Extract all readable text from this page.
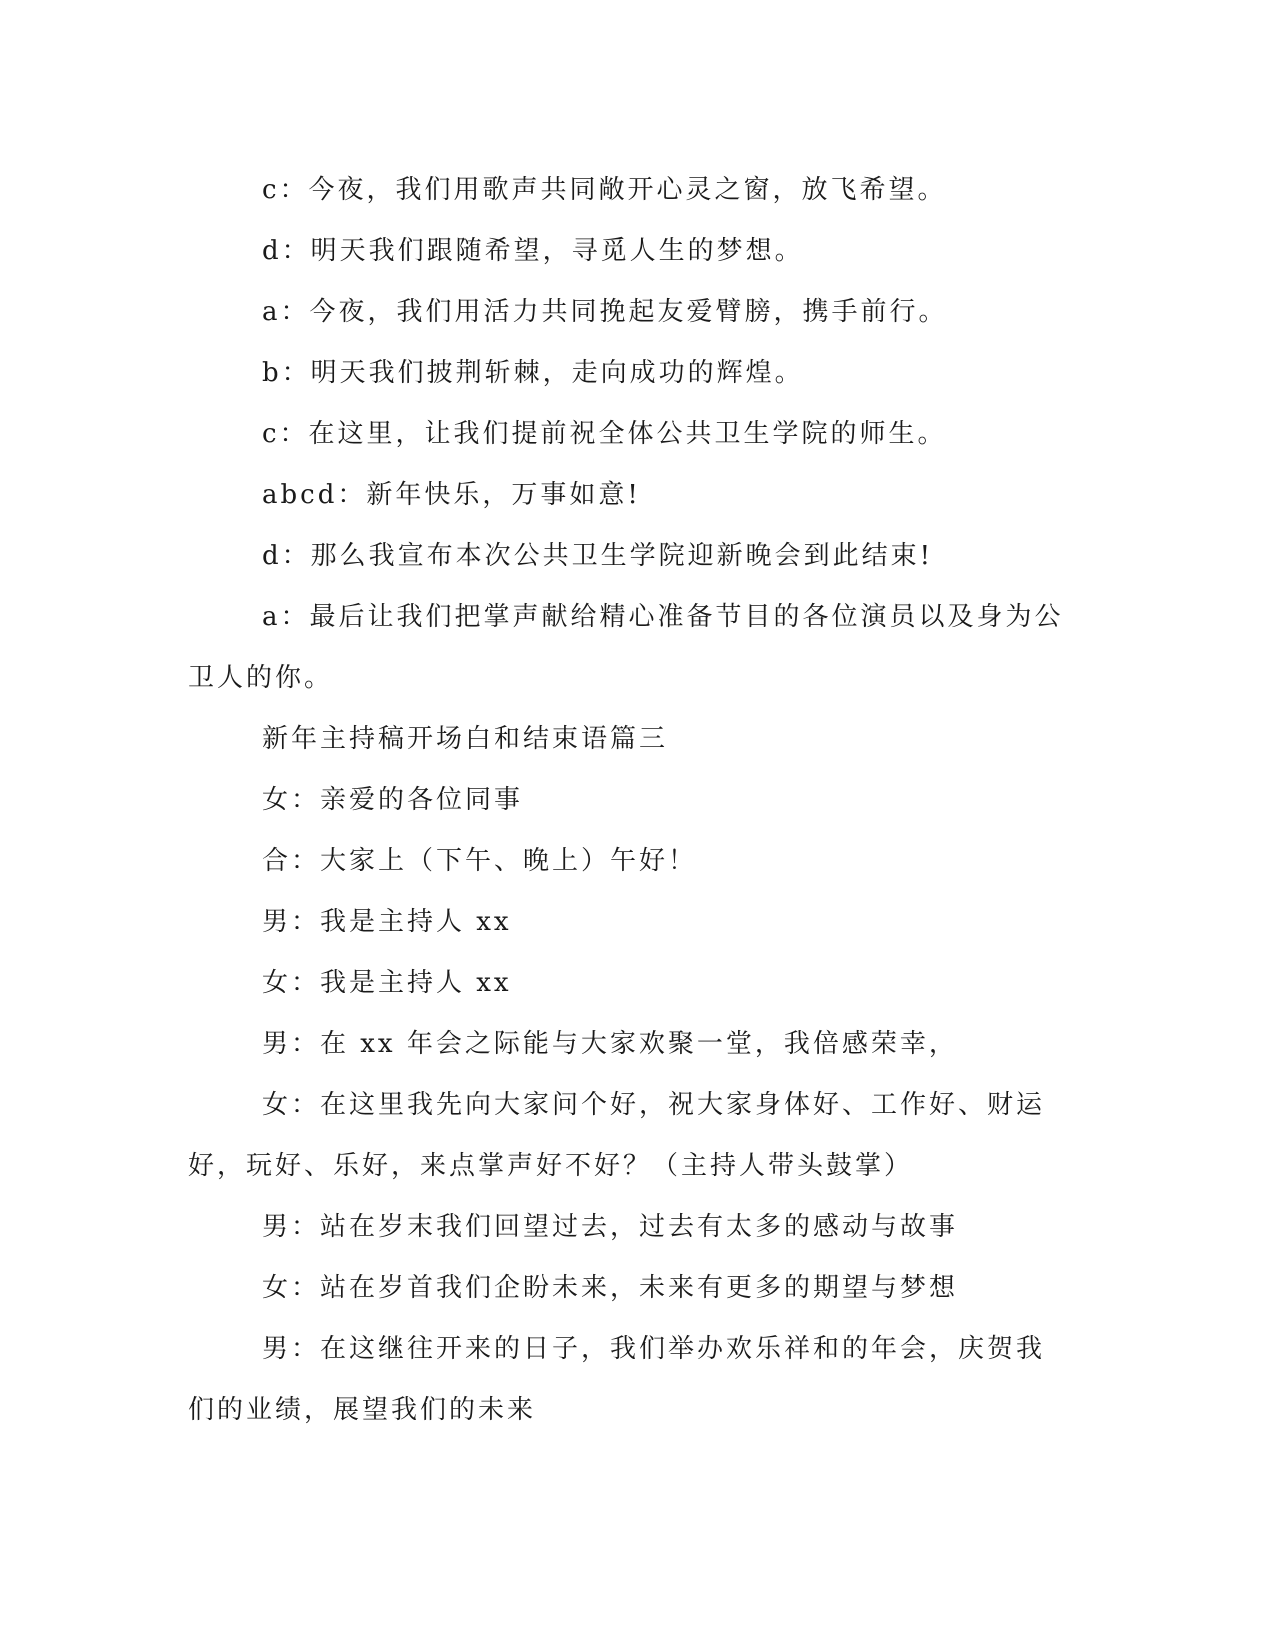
c：今夜，我们用歌声共同敞开心灵之窗，放飞希望。

d：明天我们跟随希望，寻觅人生的梦想。

a：今夜，我们用活力共同挽起友爱臂膀，携手前行。

b：明天我们披荆斩棘，走向成功的辉煌。

c：在这里，让我们提前祝全体公共卫生学院的师生。

abcd：新年快乐，万事如意!

d：那么我宣布本次公共卫生学院迎新晚会到此结束!

a：最后让我们把掌声献给精心准备节目的各位演员以及身为公卫人的你。

新年主持稿开场白和结束语篇三

女：亲爱的各位同事

合：大家上（下午、晚上）午好！

男：我是主持人 xx

女：我是主持人 xx

男：在 xx 年会之际能与大家欢聚一堂，我倍感荣幸，

女：在这里我先向大家问个好，祝大家身体好、工作好、财运好，玩好、乐好，来点掌声好不好？（主持人带头鼓掌）

男：站在岁末我们回望过去，过去有太多的感动与故事

女：站在岁首我们企盼未来，未来有更多的期望与梦想

男：在这继往开来的日子，我们举办欢乐祥和的年会，庆贺我们的业绩，展望我们的未来
